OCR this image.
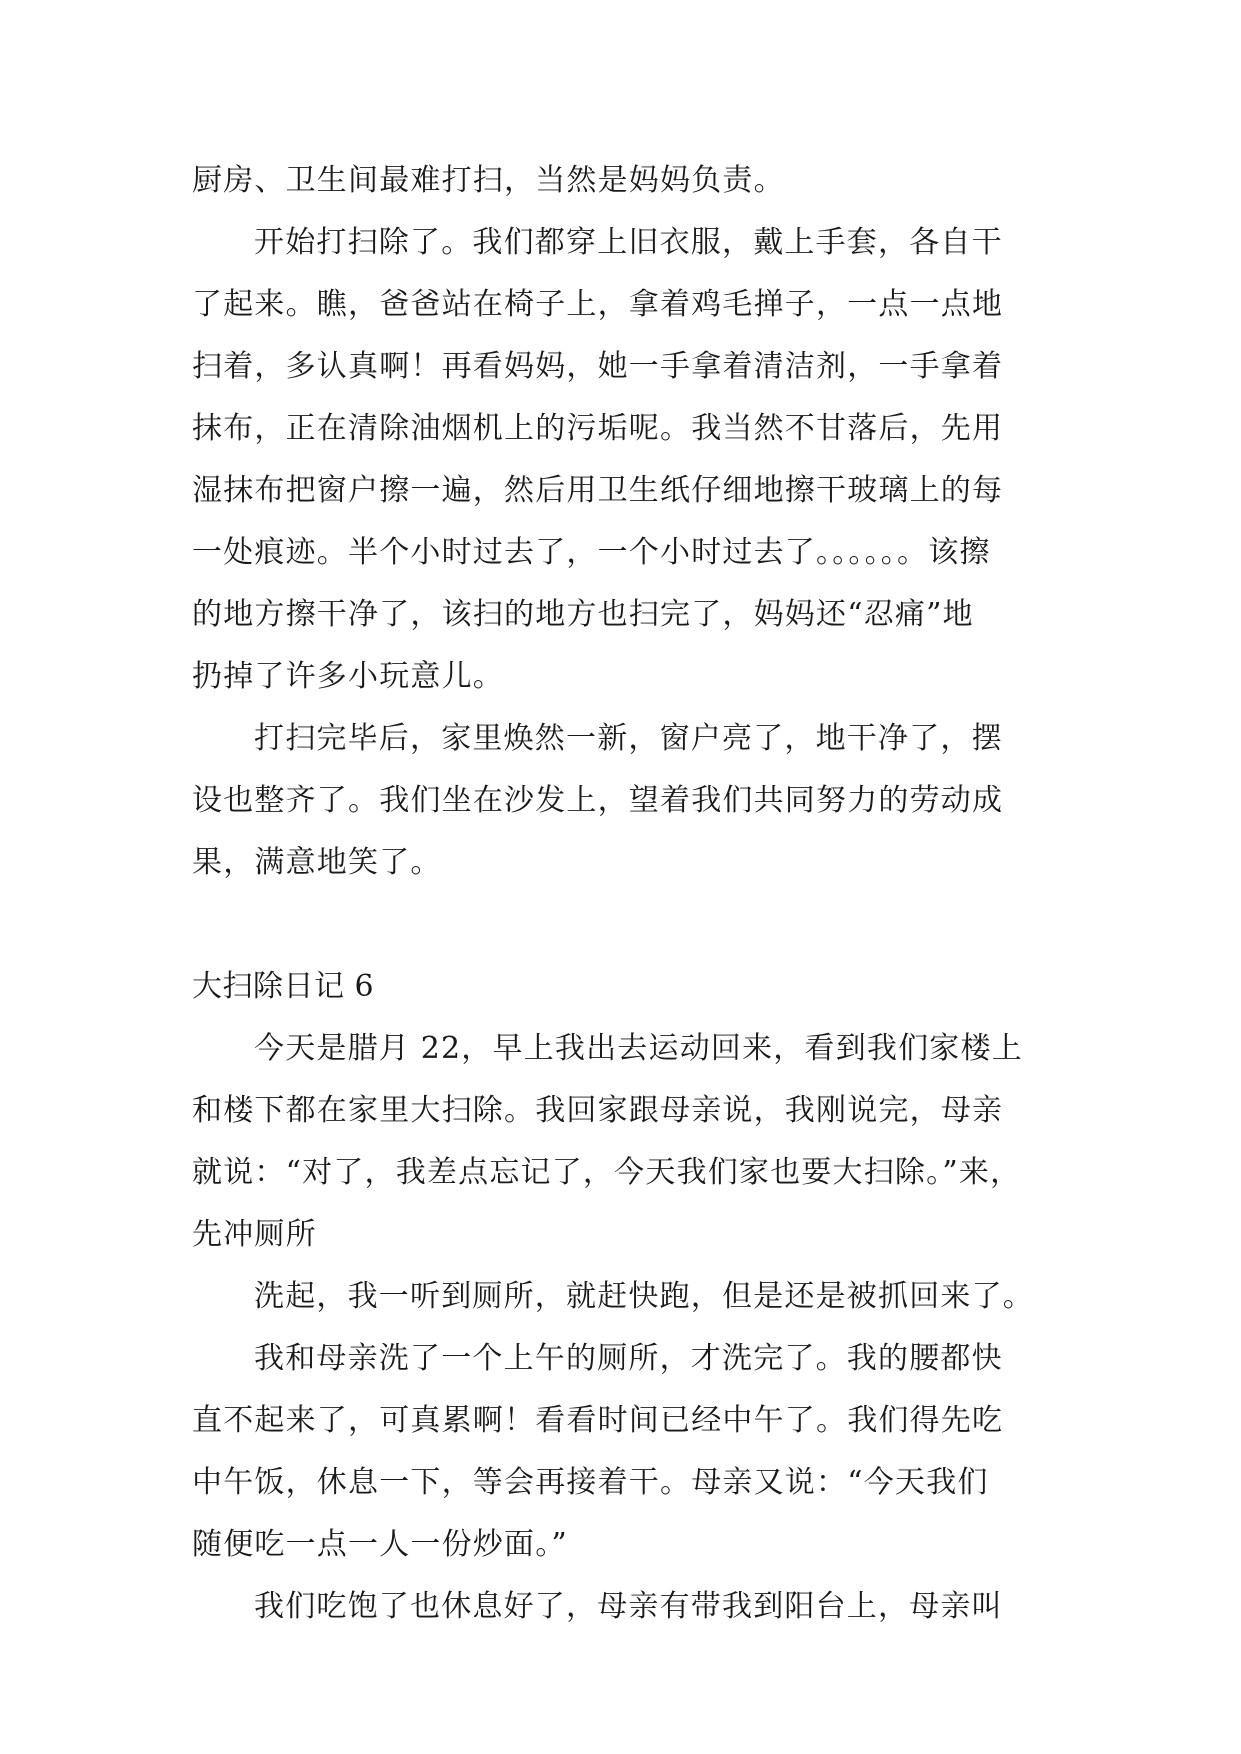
厨房、卫生间最难打扫，当然是妈妈负责。
开始打扫除了。我们都穿上旧衣服，戴上手套，各自干
了起来。瞧，爸爸站在椅子上，拿着鸡毛掸子，一点一点地
扫着，多认真啊！再看妈妈，她一手拿着清洁剂，一手拿着
抹布，正在清除油烟机上的污垢呢。我当然不甘落后，先用
湿抹布把窗户擦一遍，然后用卫生纸仔细地擦干玻璃上的每
一处痕迹。半个小时过去了，一个小时过去了。。。。。。该擦
的地方擦干净了，该扫的地方也扫完了，妈妈还“忍痛”地
扔掉了许多小玩意儿。
打扫完毕后，家里焕然一新，窗户亮了，地干净了，摆
设也整齐了。我们坐在沙发上，望着我们共同努力的劳动成
果，满意地笑了。
大扫除日记 6
今天是腊月 22，早上我出去运动回来，看到我们家楼上
和楼下都在家里大扫除。我回家跟母亲说，我刚说完，母亲
就说：“对了，我差点忘记了，今天我们家也要大扫除。”来，
先冲厕所
洗起，我一听到厕所，就赶快跑，但是还是被抓回来了。
我和母亲洗了一个上午的厕所，才洗完了。我的腰都快
直不起来了，可真累啊！看看时间已经中午了。我们得先吃
中午饭，休息一下，等会再接着干。母亲又说：“今天我们
随便吃一点一人一份炒面。”
我们吃饱了也休息好了，母亲有带我到阳台上，母亲叫
